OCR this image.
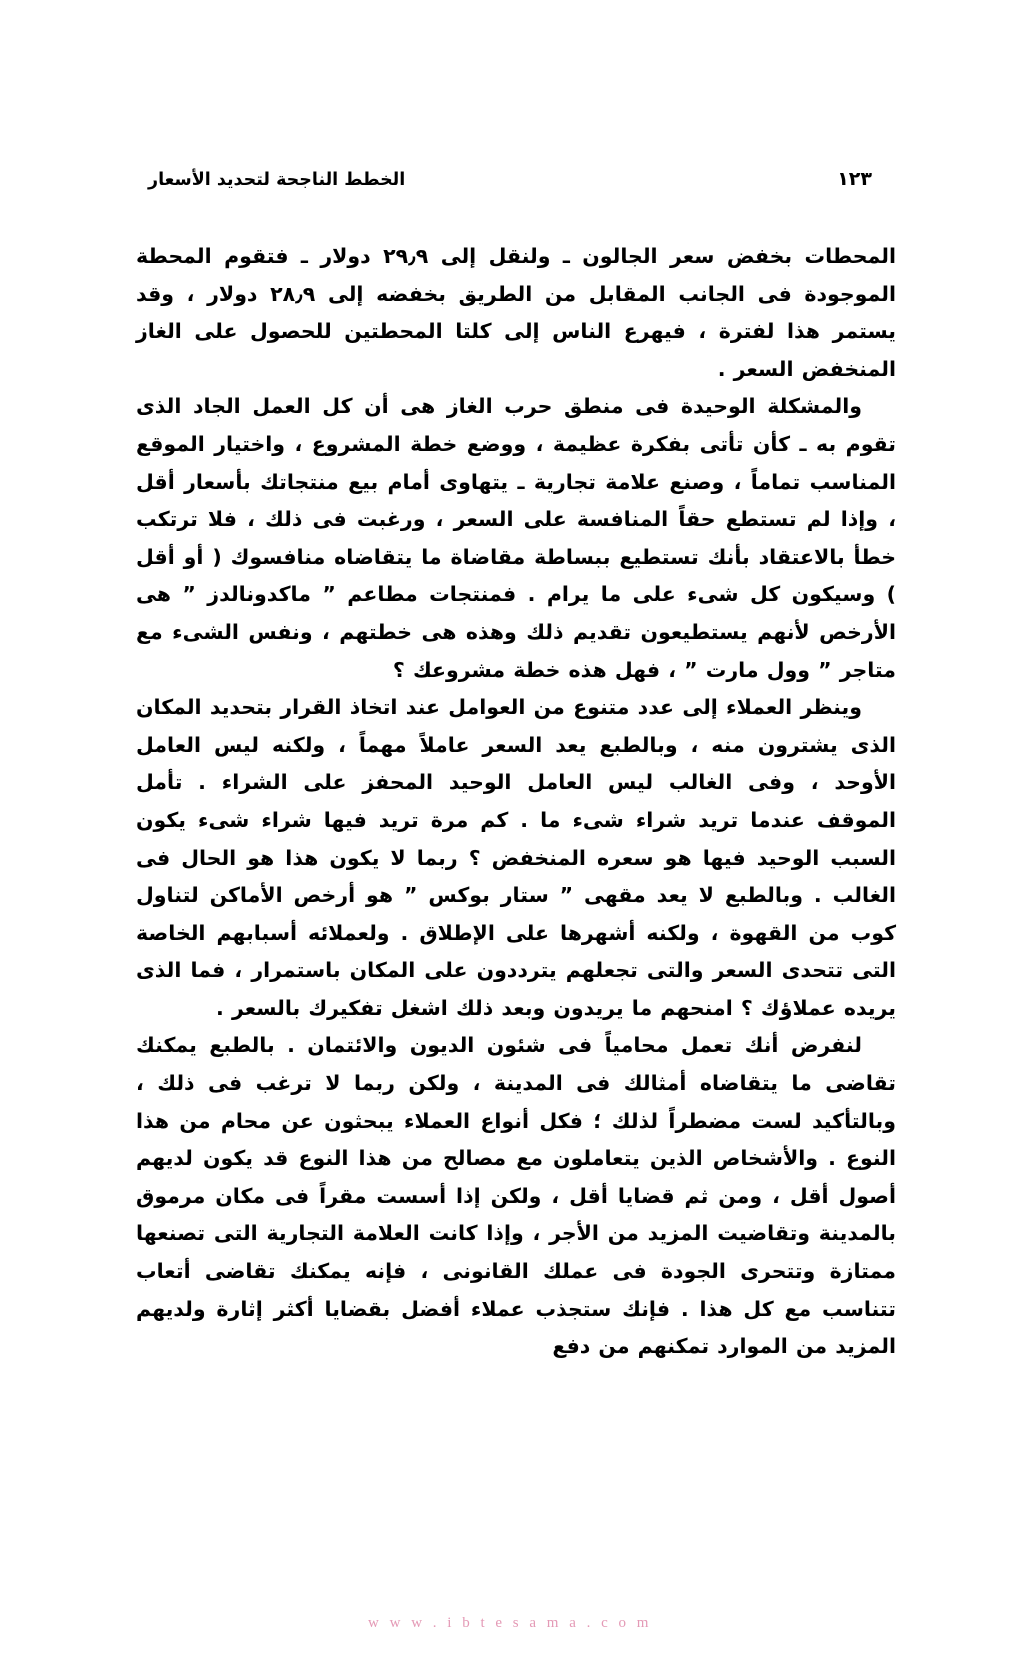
الخطط الناجحة لتحديد الأسعار	١٢٣

المحطات بخفض سعر الجالون ـ ولنقل إلى ٢٩٫٩ دولار ـ فتقوم المحطة الموجودة فى الجانب المقابل من الطريق بخفضه إلى ٢٨٫٩ دولار ، وقد يستمر هذا لفترة ، فيهرع الناس إلى كلتا المحطتين للحصول على الغاز المنخفض السعر .

والمشكلة الوحيدة فى منطق حرب الغاز هى أن كل العمل الجاد الذى تقوم به ـ كأن تأتى بفكرة عظيمة ، ووضع خطة المشروع ، واختيار الموقع المناسب تماماً ، وصنع علامة تجارية ـ يتهاوى أمام بيع منتجاتك بأسعار أقل ، وإذا لم تستطع حقاً المنافسة على السعر ، ورغبت فى ذلك ، فلا ترتكب خطأ بالاعتقاد بأنك تستطيع ببساطة مقاضاة ما يتقاضاه منافسوك ( أو أقل ) وسيكون كل شىء على ما يرام . فمنتجات مطاعم ” ماكدونالدز ” هى الأرخص لأنهم يستطيعون تقديم ذلك وهذه هى خطتهم ، ونفس الشىء مع متاجر ” وول مارت ” ، فهل هذه خطة مشروعك ؟

وينظر العملاء إلى عدد متنوع من العوامل عند اتخاذ القرار بتحديد المكان الذى يشترون منه ، وبالطبع يعد السعر عاملاً مهماً ، ولكنه ليس العامل الأوحد ، وفى الغالب ليس العامل الوحيد المحفز على الشراء . تأمل الموقف عندما تريد شراء شىء ما . كم مرة تريد فيها شراء شىء يكون السبب الوحيد فيها هو سعره المنخفض ؟ ربما لا يكون هذا هو الحال فى الغالب . وبالطبع لا يعد مقهى ” ستار بوكس ” هو أرخص الأماكن لتناول كوب من القهوة ، ولكنه أشهرها على الإطلاق . ولعملائه أسبابهم الخاصة التى تتحدى السعر والتى تجعلهم يترددون على المكان باستمرار ، فما الذى يريده عملاؤك ؟ امنحهم ما يريدون وبعد ذلك اشغل تفكيرك بالسعر .

لنفرض أنك تعمل محامياً فى شئون الديون والائتمان . بالطبع يمكنك تقاضى ما يتقاضاه أمثالك فى المدينة ، ولكن ربما لا ترغب فى ذلك ، وبالتأكيد لست مضطراً لذلك ؛ فكل أنواع العملاء يبحثون عن محام من هذا النوع . والأشخاص الذين يتعاملون مع مصالح من هذا النوع قد يكون لديهم أصول أقل ، ومن ثم قضايا أقل ، ولكن إذا أسست مقراً فى مكان مرموق بالمدينة وتقاضيت المزيد من الأجر ، وإذا كانت العلامة التجارية التى تصنعها ممتازة وتتحرى الجودة فى عملك القانونى ، فإنه يمكنك تقاضى أتعاب تتناسب مع كل هذا . فإنك ستجذب عملاء أفضل بقضايا أكثر إثارة ولديهم المزيد من الموارد تمكنهم من دفع

w w w . i b t e s a m a . c o m
